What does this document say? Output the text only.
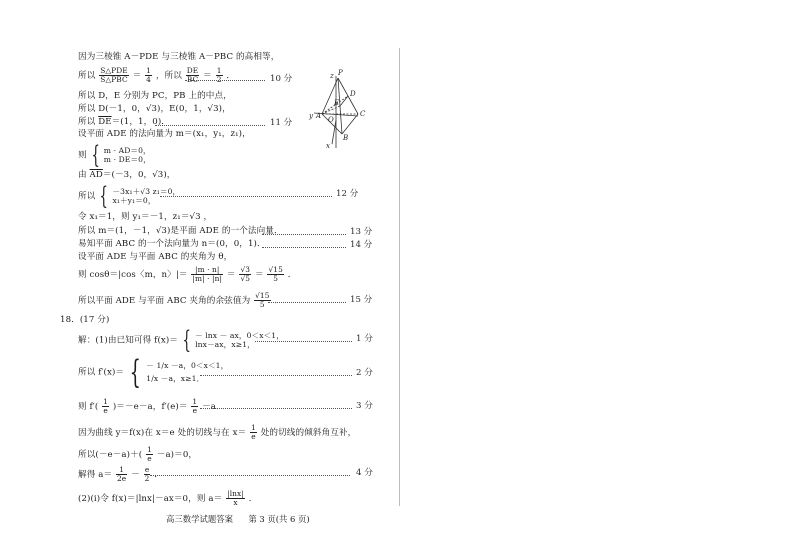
因为三棱锥 A－PDE 与三棱锥 A－PBC 的高相等，
所以 $\frac{\text{S△PDE}}{\text{S△PBC}} = \frac{1}{4}$ ，所以 $\frac{DE}{BC} = \frac{1}{2}$ ．	10 分
所以 D，E 分别为 PC，PB 上的中点，
所以 D(－1，0，√3)，E(0，1，√3)，
所以 $\overline{DE}=(1$，1，0)．	11 分
设平面 ADE 的法向量为 m＝(x₁，y₁，z₁)，
则 { m · AD＝0，
m · DE＝0，
由 $\overline{AD}=(-3$，0，√3)，
所以 { －3x₁＋√3 z₁＝0，
x₁＋y₁＝0，
12 分
令 x₁＝1，则 y₁＝－1，z₁＝√3 ，
所以 m＝(1，－1，√3)是平面 ADE 的一个法向量．	13 分
易知平面 ABC 的一个法向量为 n＝(0，0，1)．	14 分
设平面 ADE 与平面 ABC 的夹角为 θ，
则 cosθ＝|cos〈m，n〉|＝ $\frac{|m \cdot n|}{|m| \cdot |n|} = \frac{√3}{√5} = \frac{√15}{5}$ ．
所以平面 ADE 与平面 ABC 夹角的余弦值为 $\frac{√15}{5}$ ．	15 分
18．(17 分)
解：(1)由已知可得 f(x)＝ { － lnx － ax，0＜x＜1，
lnx－ax，x≥1，
1 分
所以 f′(x)＝ { － 1/x －a，0＜x＜1，
1/x －a，x≥1．
2 分
则 $f'( \frac{1}{e} )=-e-a$，$f'(e)= \frac{1}{e} -a$．	3 分
因为曲线 y＝f(x)在 x＝e 处的切线与在 $x= \frac{1}{e}$ 处的切线的倾斜角互补，
所以$(-e-a)+( \frac{1}{e} -a)=0$，
解得 $a= \frac{1}{2e} - \frac{e}{2}$ ．	4 分
(2)(i)令 f(x)＝|lnx|－ax＝0，则 $a= \frac{|\ln x|}{x}$ ．
高三数学试题答案 第 3 页(共 6 页)
P
D
C
E
A O
B
x
y
z
